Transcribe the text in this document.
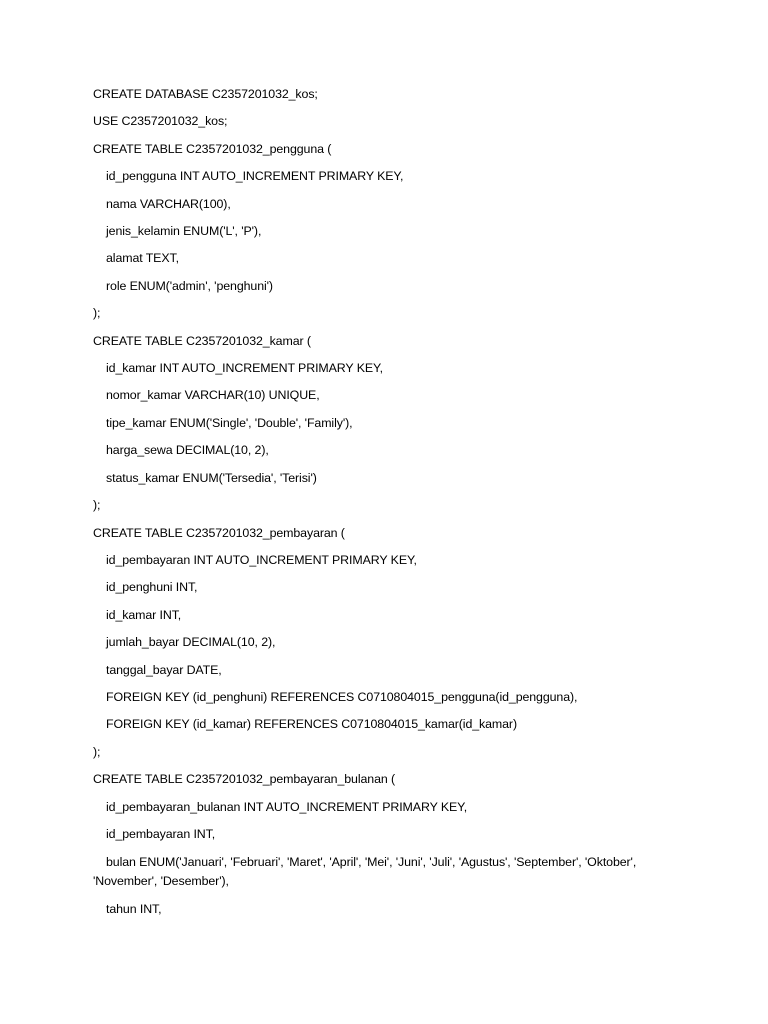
CREATE DATABASE C2357201032_kos;

USE C2357201032_kos;

CREATE TABLE C2357201032_pengguna (

id_pengguna INT AUTO_INCREMENT PRIMARY KEY,

nama VARCHAR(100),

jenis_kelamin ENUM('L', 'P'),

alamat TEXT,

role ENUM('admin', 'penghuni')

);

CREATE TABLE C2357201032_kamar (

id_kamar INT AUTO_INCREMENT PRIMARY KEY,

nomor_kamar VARCHAR(10) UNIQUE,

tipe_kamar ENUM('Single', 'Double', 'Family'),

harga_sewa DECIMAL(10, 2),

status_kamar ENUM('Tersedia', 'Terisi')

);

CREATE TABLE C2357201032_pembayaran (

id_pembayaran INT AUTO_INCREMENT PRIMARY KEY,

id_penghuni INT,

id_kamar INT,

jumlah_bayar DECIMAL(10, 2),

tanggal_bayar DATE,

FOREIGN KEY (id_penghuni) REFERENCES C0710804015_pengguna(id_pengguna),

FOREIGN KEY (id_kamar) REFERENCES C0710804015_kamar(id_kamar)

);

CREATE TABLE C2357201032_pembayaran_bulanan (

id_pembayaran_bulanan INT AUTO_INCREMENT PRIMARY KEY,

id_pembayaran INT,

bulan ENUM('Januari', 'Februari', 'Maret', 'April', 'Mei', 'Juni', 'Juli', 'Agustus', 'September', 'Oktober', 'November', 'Desember'),

tahun INT,
